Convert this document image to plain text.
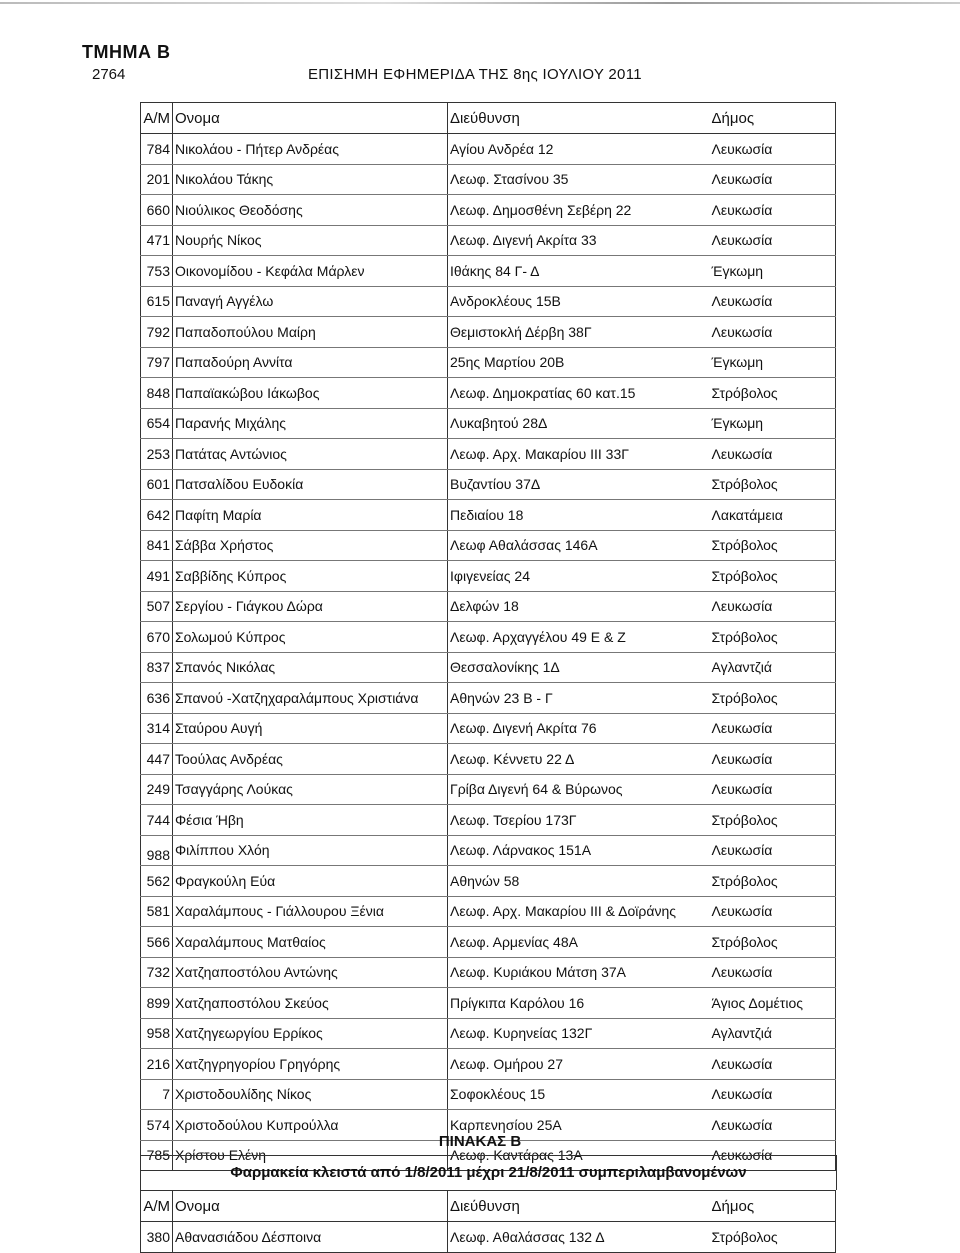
ΤΜΗΜΑ Β
2764	ΕΠΙΣΗΜΗ ΕΦΗΜΕΡΙΔΑ ΤΗΣ 8ης ΙΟΥΛΙΟΥ 2011
Α/Μ	Ονομα	Διεύθυνση	Δήμος
784	Νικολάου - Πήτερ Ανδρέας	Αγίου Ανδρέα 12	Λευκωσία
201	Νικολάου Τάκης	Λεωφ. Στασίνου 35	Λευκωσία
660	Νιούλικος Θεοδόσης	Λεωφ. Δημοσθένη Σεβέρη 22	Λευκωσία
471	Νουρής Νίκος	Λεωφ. Διγενή Ακρίτα 33	Λευκωσία
753	Οικονομίδου - Κεφάλα Μάρλεν	Ιθάκης 84 Γ- Δ	Έγκωμη
615	Παναγή Αγγέλω	Ανδροκλέους 15Β	Λευκωσία
792	Παπαδοπούλου Μαίρη	Θεμιστοκλή Δέρβη 38Γ	Λευκωσία
797	Παπαδούρη Αννίτα	25ης Μαρτίου 20Β	Έγκωμη
848	Παπαϊακώβου Ιάκωβος	Λεωφ. Δημοκρατίας 60 κατ.15	Στρόβολος
654	Παρανής Μιχάλης	Λυκαβητού 28Δ	Έγκωμη
253	Πατάτας Αντώνιος	Λεωφ. Αρχ. Μακαρίου ΙΙΙ 33Γ	Λευκωσία
601	Πατσαλίδου Ευδοκία	Βυζαντίου 37Δ	Στρόβολος
642	Παφίτη Μαρία	Πεδιαίου 18	Λακατάμεια
841	Σάββα Χρήστος	Λεωφ Αθαλάσσας 146Α	Στρόβολος
491	Σαββίδης Κύπρος	Ιφιγενείας 24	Στρόβολος
507	Σεργίου - Γιάγκου Δώρα	Δελφών 18	Λευκωσία
670	Σολωμού Κύπρος	Λεωφ. Αρχαγγέλου 49 Ε & Ζ	Στρόβολος
837	Σπανός Νικόλας	Θεσσαλονίκης 1Δ	Αγλαντζιά
636	Σπανού -Χατζηχαραλάμπους Χριστιάνα	Αθηνών 23 Β - Γ	Στρόβολος
314	Σταύρου Αυγή	Λεωφ. Διγενή Ακρίτα 76	Λευκωσία
447	Τοούλας Ανδρέας	Λεωφ. Κέννετυ 22 Δ	Λευκωσία
249	Τσαγγάρης Λούκας	Γρίβα Διγενή 64 & Βύρωνος	Λευκωσία
744	Φέσια Ήβη	Λεωφ. Τσερίου 173Γ	Στρόβολος
988	Φιλίππου Χλόη	Λεωφ. Λάρνακος 151Α	Λευκωσία
562	Φραγκούλη Εύα	Αθηνών 58	Στρόβολος
581	Χαραλάμπους - Γιάλλουρου Ξένια	Λεωφ. Αρχ. Μακαρίου ΙΙΙ & Δοϊράνης	Λευκωσία
566	Χαραλάμπους Ματθαίος	Λεωφ. Αρμενίας 48Α	Στρόβολος
732	Χατζηαποστόλου Αντώνης	Λεωφ. Κυριάκου Μάτση 37Α	Λευκωσία
899	Χατζηαποστόλου Σκεύος	Πρίγκιπα Καρόλου 16	Άγιος Δομέτιος
958	Χατζηγεωργίου Ερρίκος	Λεωφ. Κυρηνείας 132Γ	Αγλαντζιά
216	Χατζηγρηγορίου Γρηγόρης	Λεωφ. Ομήρου 27	Λευκωσία
7	Χριστοδουλίδης Νίκος	Σοφοκλέους 15	Λευκωσία
574	Χριστοδούλου Κυπρούλλα	Καρπενησίου 25Α	Λευκωσία
785	Χρίστου Ελένη	Λεωφ. Καντάρας 13Α	Λευκωσία
ΠΙΝΑΚΑΣ Β
Φαρμακεία κλειστά από 1/8/2011 μέχρι 21/8/2011 συμπεριλαμβανομένων
Α/Μ	Ονομα	Διεύθυνση	Δήμος
380	Αθανασιάδου Δέσποινα	Λεωφ. Αθαλάσσας 132 Δ	Στρόβολος
